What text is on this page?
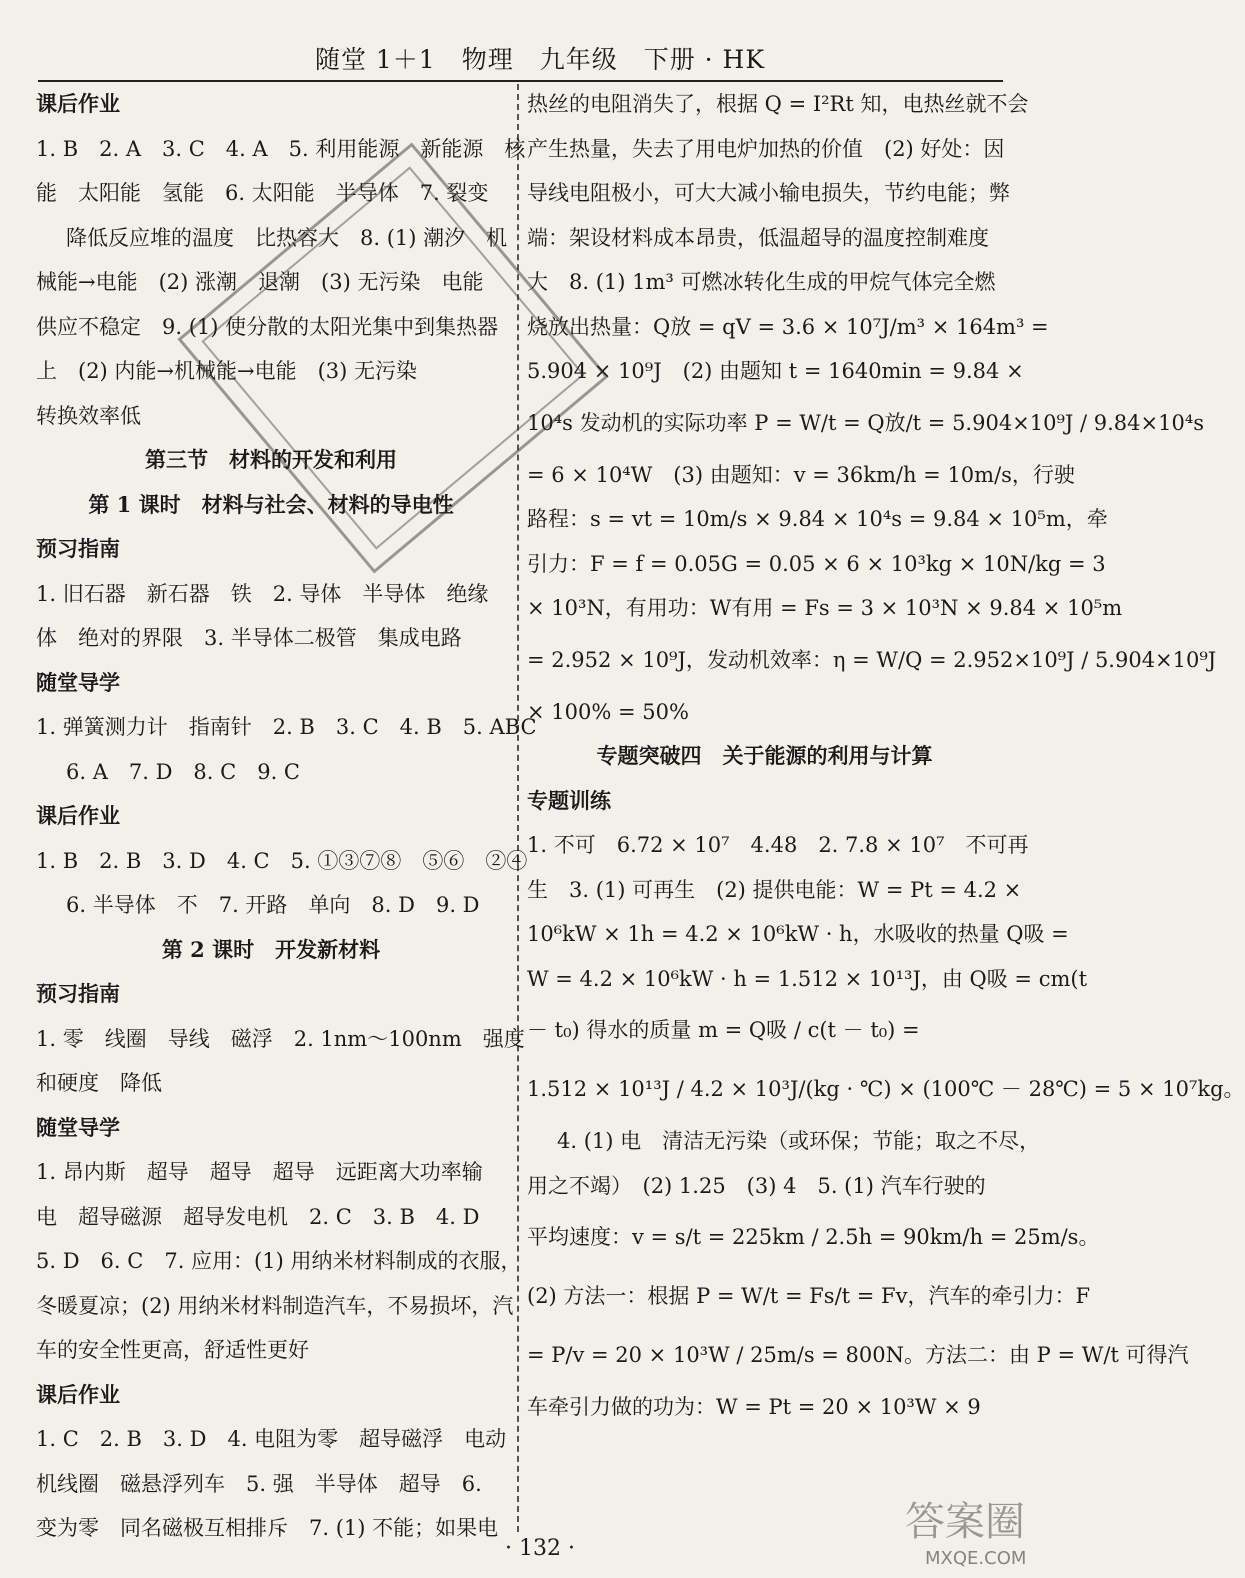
随堂 1＋1　物理　九年级　下册 · HK
课后作业
1. B　2. A　3. C　4. A　5. 利用能源　新能源　核
能　太阳能　氢能　6. 太阳能　半导体　7. 裂变
降低反应堆的温度　比热容大　8. (1) 潮汐　机
械能→电能　(2) 涨潮　退潮　(3) 无污染　电能
供应不稳定　9. (1) 使分散的太阳光集中到集热器
上　(2) 内能→机械能→电能　(3) 无污染
转换效率低
第三节　材料的开发和利用
第 1 课时　材料与社会、材料的导电性
预习指南
1. 旧石器　新石器　铁　2. 导体　半导体　绝缘
体　绝对的界限　3. 半导体二极管　集成电路
随堂导学
1. 弹簧测力计　指南针　2. B　3. C　4. B　5. ABC
6. A　7. D　8. C　9. C
课后作业
1. B　2. B　3. D　4. C　5. ①③⑦⑧　⑤⑥　②④
6. 半导体　不　7. 开路　单向　8. D　9. D
第 2 课时　开发新材料
预习指南
1. 零　线圈　导线　磁浮　2. 1nm～100nm　强度
和硬度　降低
随堂导学
1. 昂内斯　超导　超导　超导　远距离大功率输
电　超导磁源　超导发电机　2. C　3. B　4. D
5. D　6. C　7. 应用：(1) 用纳米材料制成的衣服，
冬暖夏凉；(2) 用纳米材料制造汽车，不易损坏，汽
车的安全性更高，舒适性更好
课后作业
1. C　2. B　3. D　4. 电阻为零　超导磁浮　电动
机线圈　磁悬浮列车　5. 强　半导体　超导　6.
变为零　同名磁极互相排斥　7. (1) 不能；如果电
热丝的电阻消失了，根据 Q = I²Rt 知，电热丝就不会
产生热量，失去了用电炉加热的价值　(2) 好处：因
导线电阻极小，可大大减小输电损失，节约电能；弊
端：架设材料成本昂贵，低温超导的温度控制难度
大　8. (1) 1m³ 可燃冰转化生成的甲烷气体完全燃
烧放出热量：Q放 = qV = 3.6 × 10⁷J/m³ × 164m³ =
5.904 × 10⁹J　(2) 由题知 t = 1640min = 9.84 ×
10⁴s 发动机的实际功率 P = W/t = Q放/t = 5.904×10⁹J / 9.84×10⁴s
= 6 × 10⁴W　(3) 由题知：v = 36km/h = 10m/s，行驶
路程：s = vt = 10m/s × 9.84 × 10⁴s = 9.84 × 10⁵m，牵
引力：F = f = 0.05G = 0.05 × 6 × 10³kg × 10N/kg = 3
× 10³N，有用功：W有用 = Fs = 3 × 10³N × 9.84 × 10⁵m
= 2.952 × 10⁹J，发动机效率：η = W/Q = 2.952×10⁹J / 5.904×10⁹J
× 100% = 50%
专题突破四　关于能源的利用与计算
专题训练
1. 不可　6.72 × 10⁷　4.48　2. 7.8 × 10⁷　不可再
生　3. (1) 可再生　(2) 提供电能：W = Pt = 4.2 ×
10⁶kW × 1h = 4.2 × 10⁶kW · h，水吸收的热量 Q吸 =
W = 4.2 × 10⁶kW · h = 1.512 × 10¹³J，由 Q吸 = cm(t
－ t₀) 得水的质量 m = Q吸 / c(t － t₀) =
1.512 × 10¹³J / 4.2 × 10³J/(kg · ℃) × (100℃ － 28℃) = 5 × 10⁷kg。
4. (1) 电　清洁无污染（或环保；节能；取之不尽，
用之不竭）　(2) 1.25　(3) 4　5. (1) 汽车行驶的
平均速度：v = s/t = 225km / 2.5h = 90km/h = 25m/s。
(2) 方法一：根据 P = W/t = Fs/t = Fv，汽车的牵引力：F
= P/v = 20 × 10³W / 25m/s = 800N。方法二：由 P = W/t 可得汽
车牵引力做的功为：W = Pt = 20 × 10³W × 9
· 132 ·
答案圈
MXQE.COM
